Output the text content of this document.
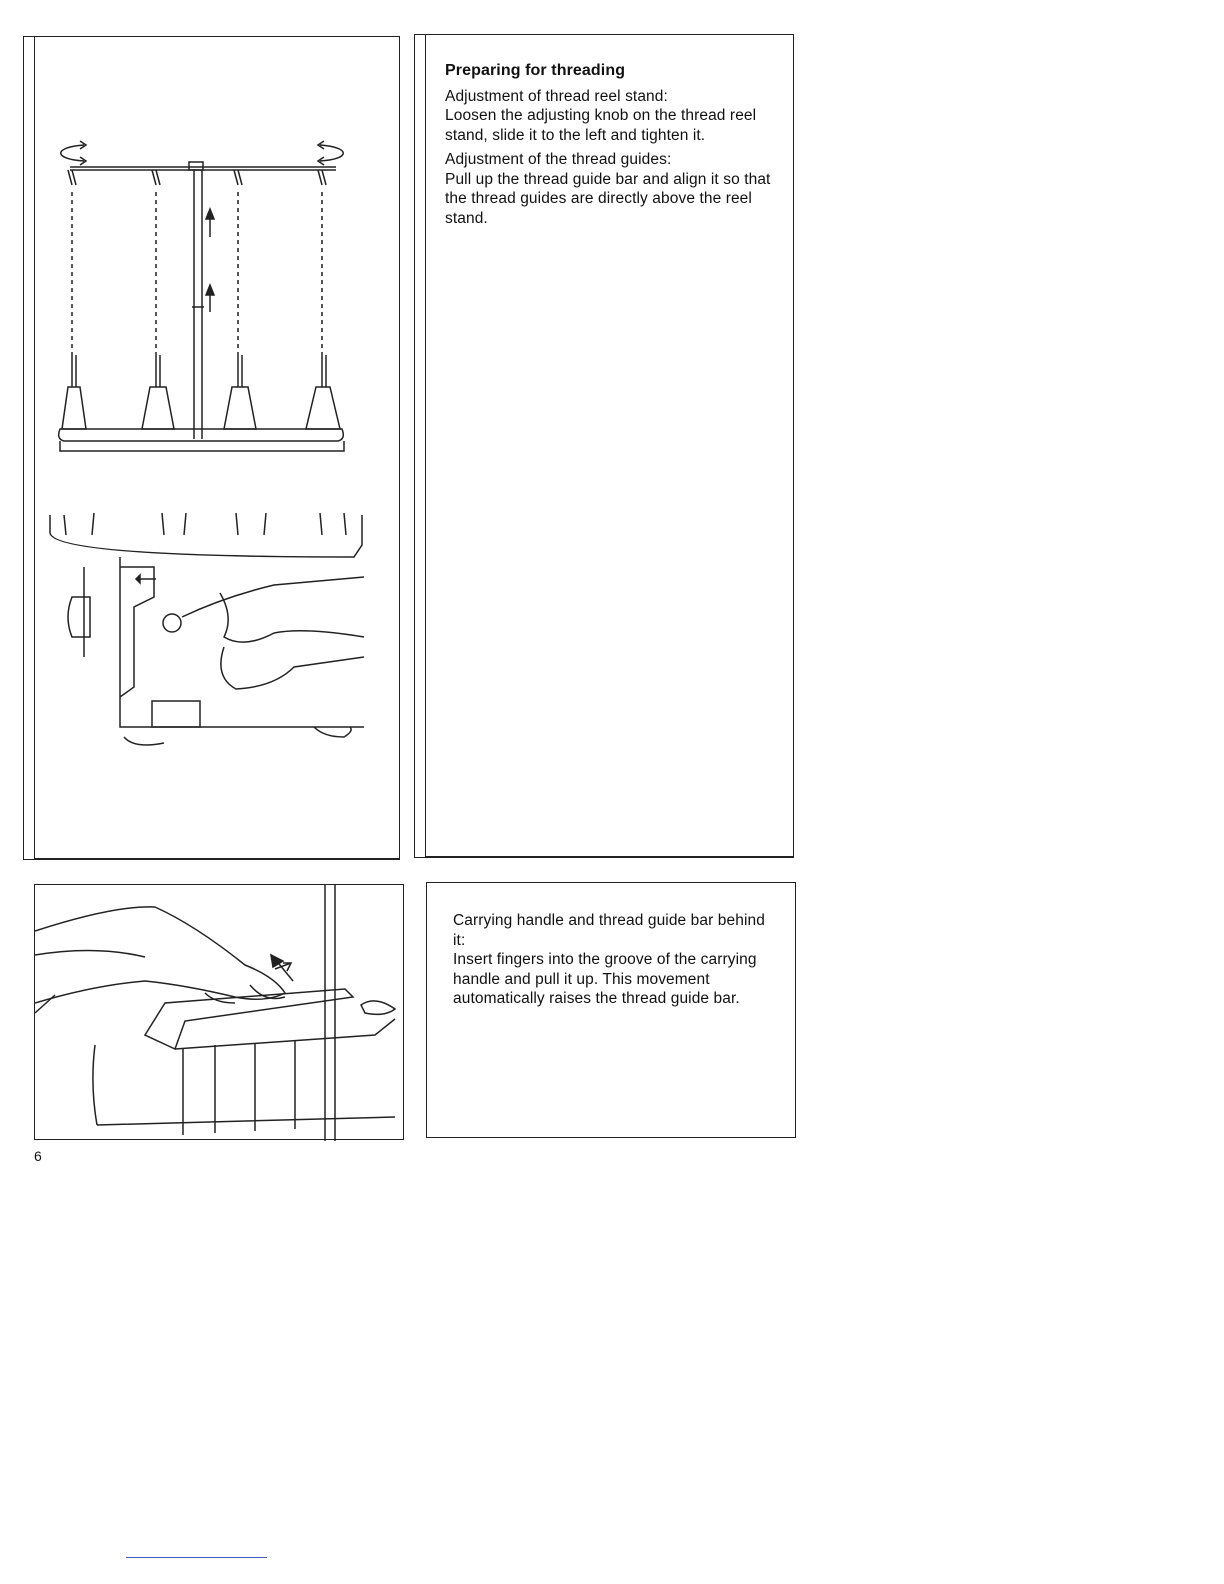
Preparing for threading

Adjustment of thread reel stand:
Loosen the adjusting knob on the thread reel stand, slide it to the left and tighten it.

Adjustment of the thread guides:
Pull up the thread guide bar and align it so that the thread guides are directly above the reel stand.

Carrying handle and thread guide bar behind it:
Insert fingers into the groove of the carrying handle and pull it up. This movement automatically raises the thread guide bar.

6
